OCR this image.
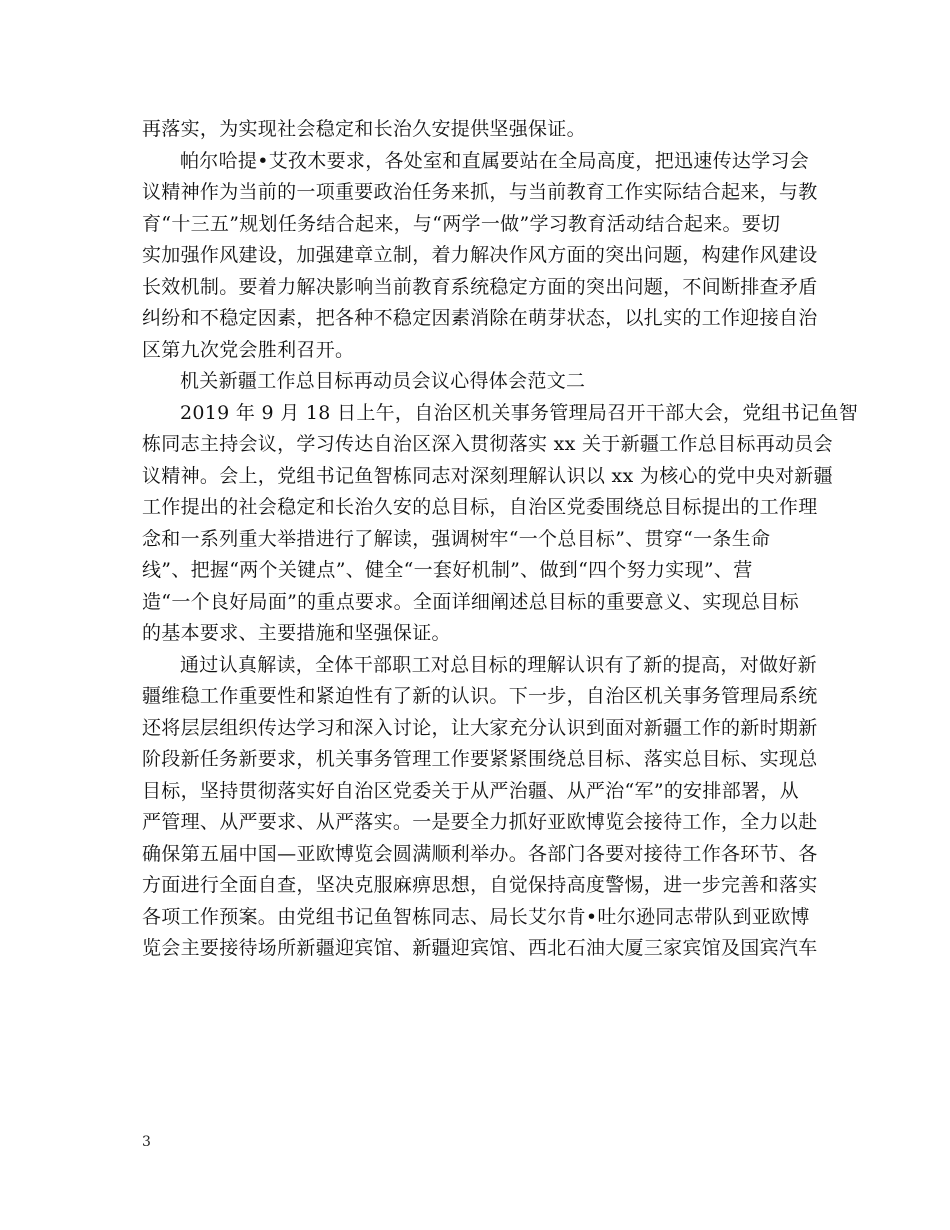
再落实，为实现社会稳定和长治久安提供坚强保证。
帕尔哈提•艾孜木要求，各处室和直属要站在全局高度，把迅速传达学习会
议精神作为当前的一项重要政治任务来抓，与当前教育工作实际结合起来，与教
育“十三五”规划任务结合起来，与“两学一做”学习教育活动结合起来。要切
实加强作风建设，加强建章立制，着力解决作风方面的突出问题，构建作风建设
长效机制。要着力解决影响当前教育系统稳定方面的突出问题，不间断排查矛盾
纠纷和不稳定因素，把各种不稳定因素消除在萌芽状态，以扎实的工作迎接自治
区第九次党会胜利召开。
机关新疆工作总目标再动员会议心得体会范文二
2019 年 9 月 18 日上午，自治区机关事务管理局召开干部大会，党组书记鱼智
栋同志主持会议，学习传达自治区深入贯彻落实 xx 关于新疆工作总目标再动员会
议精神。会上，党组书记鱼智栋同志对深刻理解认识以 xx 为核心的党中央对新疆
工作提出的社会稳定和长治久安的总目标，自治区党委围绕总目标提出的工作理
念和一系列重大举措进行了解读，强调树牢“一个总目标”、贯穿“一条生命
线”、把握“两个关键点”、健全“一套好机制”、做到“四个努力实现”、营
造“一个良好局面”的重点要求。全面详细阐述总目标的重要意义、实现总目标
的基本要求、主要措施和坚强保证。
通过认真解读，全体干部职工对总目标的理解认识有了新的提高，对做好新
疆维稳工作重要性和紧迫性有了新的认识。下一步，自治区机关事务管理局系统
还将层层组织传达学习和深入讨论，让大家充分认识到面对新疆工作的新时期新
阶段新任务新要求，机关事务管理工作要紧紧围绕总目标、落实总目标、实现总
目标，坚持贯彻落实好自治区党委关于从严治疆、从严治“军”的安排部署，从
严管理、从严要求、从严落实。一是要全力抓好亚欧博览会接待工作，全力以赴
确保第五届中国—亚欧博览会圆满顺利举办。各部门各要对接待工作各环节、各
方面进行全面自查，坚决克服麻痹思想，自觉保持高度警惕，进一步完善和落实
各项工作预案。由党组书记鱼智栋同志、局长艾尔肯•吐尔逊同志带队到亚欧博
览会主要接待场所新疆迎宾馆、新疆迎宾馆、西北石油大厦三家宾馆及国宾汽车
3
